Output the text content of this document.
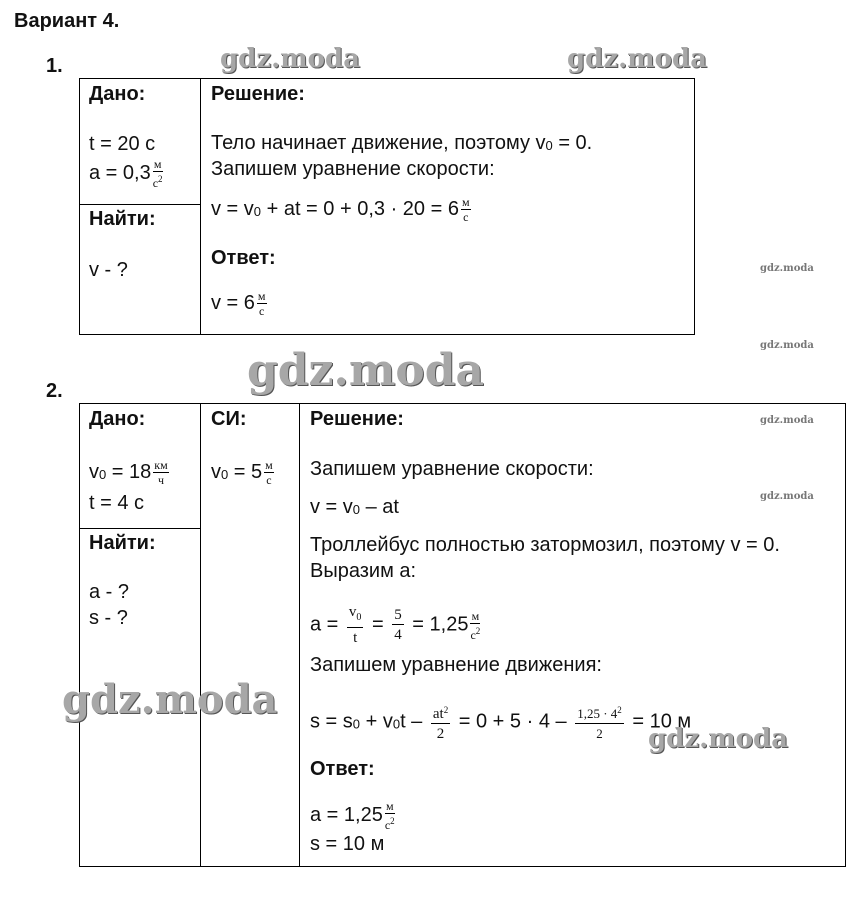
Вариант 4.
1.
Дано:
t = 20 с
$a = 0,3 \frac{м}{с^2}$
Найти:
v - ?
Решение:
Тело начинает движение, поэтому $v_0 = 0$.
Запишем уравнение скорости:
$v = v_0$ + at = $0 + 0,3 \cdot 20 = 6 \frac{м}{с}$
Ответ:
$v = 6 \frac{м}{с}$
2.
Дано:
$v_0 = 18 \frac{км}{ч}$
t = 4 с
Найти:
a - ?
s - ?
СИ:
$v_0 = 5 \frac{м}{с}$
Решение:
Запишем уравнение скорости:
$v = v_0$ – at
Троллейбус полностью затормозил, поэтому v = 0.
Выразим a:
$a = \frac{v_0}{t} = \frac{5}{4} = 1,25 \frac{м}{с^2}$
Запишем уравнение движения:
$s = s_0 + v_0t - \frac{at^2}{2} = 0 + 5 \cdot 4 - \frac{1,25 \cdot 4^2}{2} = 10$ м
Ответ:
$a = 1,25 \frac{м}{с^2}$
s = 10 м
gdz.moda	gdz.moda
gdz.moda
gdz.moda
gdz.moda
gdz.moda
gdz.moda
gdz.moda
gdz.moda
